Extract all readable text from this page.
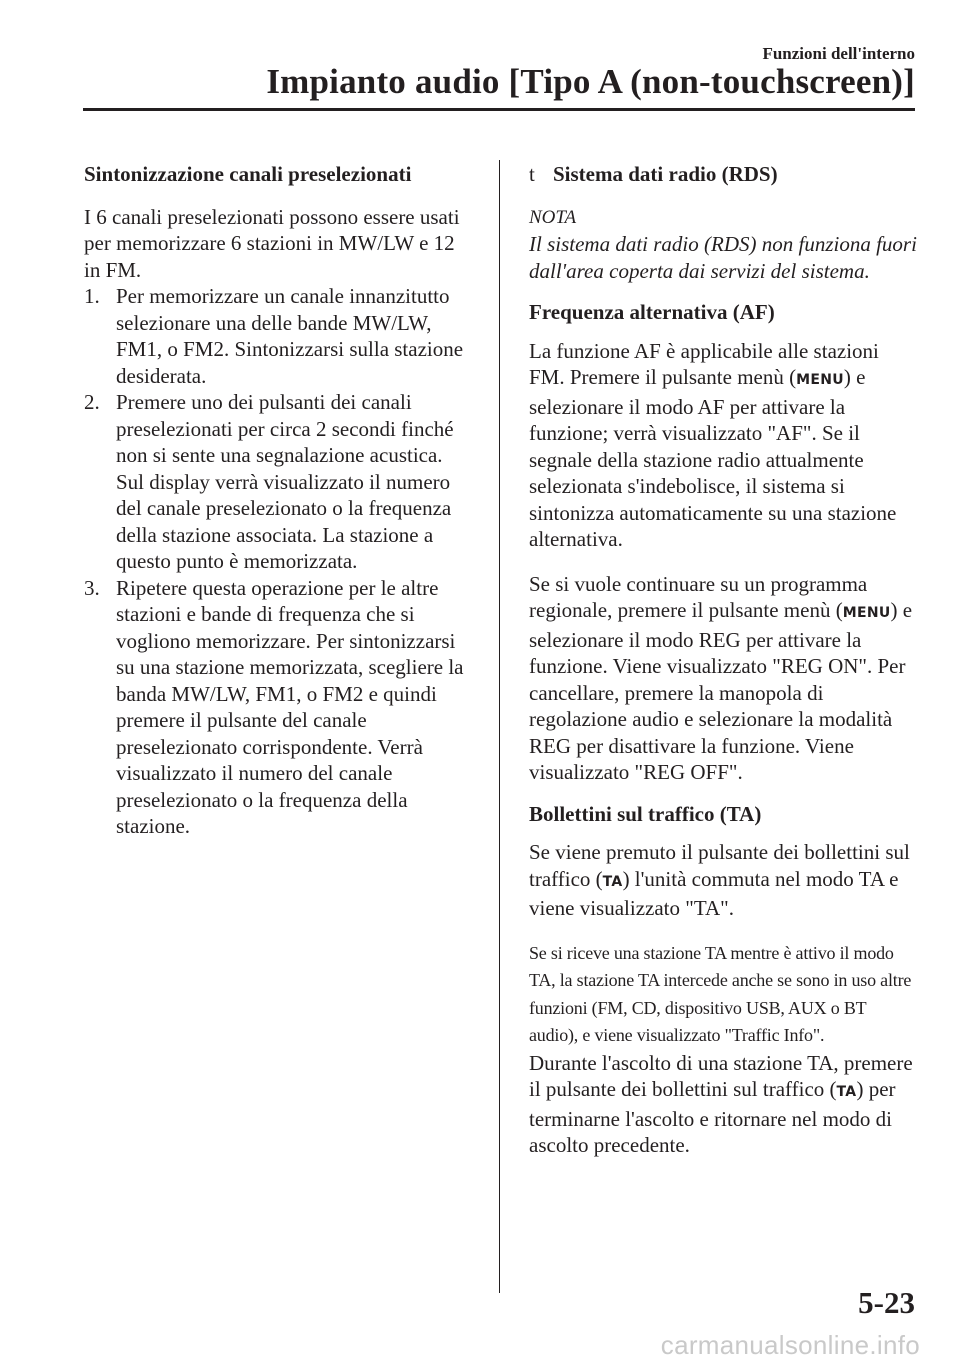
Funzioni dell'interno
Impianto audio [Tipo A (non-touchscreen)]

Sintonizzazione canali preselezionati

I 6 canali preselezionati possono essere usati per memorizzare 6 stazioni in MW/LW e 12 in FM.

1. Per memorizzare un canale innanzitutto selezionare una delle bande MW/LW, FM1, o FM2. Sintonizzarsi sulla stazione desiderata.
2. Premere uno dei pulsanti dei canali preselezionati per circa 2 secondi finché non si sente una segnalazione acustica. Sul display verrà visualizzato il numero del canale preselezionato o la frequenza della stazione associata. La stazione a questo punto è memorizzata.
3. Ripetere questa operazione per le altre stazioni e bande di frequenza che si vogliono memorizzare. Per sintonizzarsi su una stazione memorizzata, scegliere la banda MW/LW, FM1, o FM2 e quindi premere il pulsante del canale preselezionato corrispondente. Verrà visualizzato il numero del canale preselezionato o la frequenza della stazione.
t Sistema dati radio (RDS)
NOTA

Il sistema dati radio (RDS) non funziona fuori dall'area coperta dai servizi del sistema.

Frequenza alternativa (AF)

La funzione AF è applicabile alle stazioni FM. Premere il pulsante menù (MENU) e selezionare il modo AF per attivare la funzione; verrà visualizzato "AF". Se il segnale della stazione radio attualmente selezionata s'indebolisce, il sistema si sintonizza automaticamente su una stazione alternativa.

Se si vuole continuare su un programma regionale, premere il pulsante menù (MENU) e selezionare il modo REG per attivare la funzione. Viene visualizzato "REG ON". Per cancellare, premere la manopola di regolazione audio e selezionare la modalità REG per disattivare la funzione. Viene visualizzato "REG OFF".

Bollettini sul traffico (TA)

Se viene premuto il pulsante dei bollettini sul traffico (TA) l'unità commuta nel modo TA e viene visualizzato "TA".

Se si riceve una stazione TA mentre è attivo il modo TA, la stazione TA intercede anche se sono in uso altre funzioni (FM, CD, dispositivo USB, AUX o BT audio), e viene visualizzato "Traffic Info".

Durante l'ascolto di una stazione TA, premere il pulsante dei bollettini sul traffico (TA) per terminarne l'ascolto e ritornare nel modo di ascolto precedente.

5-23
carmanualsonline.info
